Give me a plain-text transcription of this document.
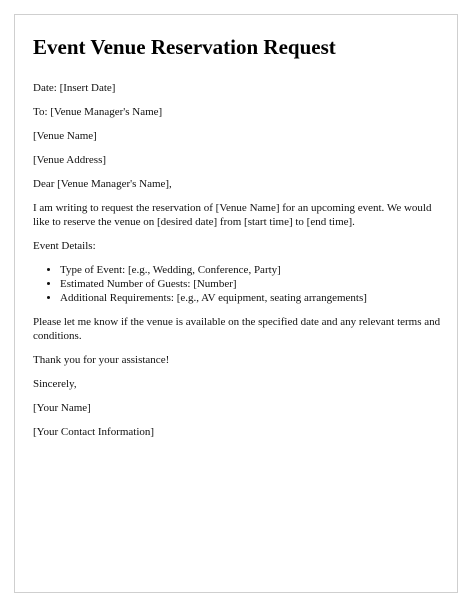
Event Venue Reservation Request

Date: [Insert Date]

To: [Venue Manager's Name]

[Venue Name]

[Venue Address]

Dear [Venue Manager's Name],

I am writing to request the reservation of [Venue Name] for an upcoming event. We would like to reserve the venue on [desired date] from [start time] to [end time].

Event Details:

• Type of Event: [e.g., Wedding, Conference, Party]
• Estimated Number of Guests: [Number]
• Additional Requirements: [e.g., AV equipment, seating arrangements]

Please let me know if the venue is available on the specified date and any relevant terms and conditions.

Thank you for your assistance!

Sincerely,

[Your Name]

[Your Contact Information]
